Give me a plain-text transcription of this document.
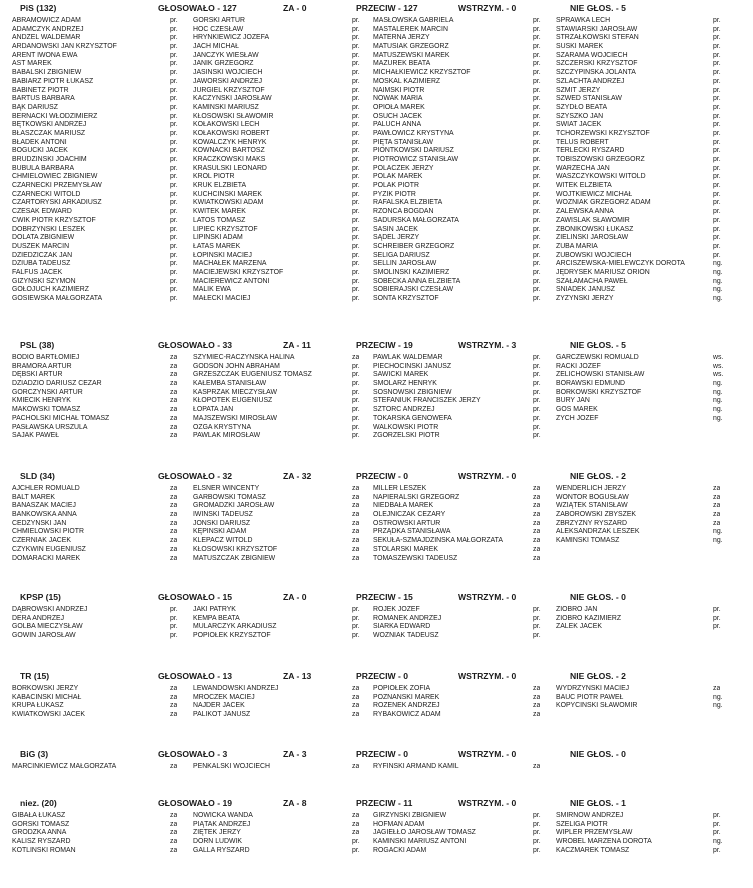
PiS (132)	GŁOSOWAŁO - 127	ZA - 0	PRZECIW - 127	WSTRZYM. - 0	NIE GŁOS. - 5
ABRAMOWICZ ADAM	pr. GÓRSKI ARTUR	pr. MASŁOWSKA GABRIELA	pr. SPRAWKA LECH	pr.
ADAMCZYK ANDRZEJ	pr. HOC CZESŁAW	pr. MASTALEREK MARCIN	pr. STAWIARSKI JAROSŁAW	pr.
ANDZEL WALDEMAR	pr. HRYNKIEWICZ JÓZEFA	pr. MATERNA JERZY	pr. STRZAŁKOWSKI STEFAN	pr.
ARDANOWSKI JAN KRZYSZTOF	pr. JACH MICHAŁ	pr. MATUSIAK GRZEGORZ	pr. SUSKI MAREK	pr.
ARENT IWONA EWA	pr. JANCZYK WIESŁAW	pr. MATUSZEWSKI MAREK	pr. SZARAMA WOJCIECH	pr.
AST MAREK	pr. JANIK GRZEGORZ	pr. MAZUREK BEATA	pr. SZCZERSKI KRZYSZTOF	pr.
BABALSKI ZBIGNIEW	pr. JASIŃSKI WOJCIECH	pr. MICHAŁKIEWICZ KRZYSZTOF	pr. SZCZYPIŃSKA JOLANTA	pr.
BABIARZ PIOTR ŁUKASZ	pr. JAWORSKI ANDRZEJ	pr. MOSKAL KAZIMIERZ	pr. SZLACHTA ANDRZEJ	pr.
BABINETZ PIOTR	pr. JURGIEL KRZYSZTOF	pr. NAIMSKI PIOTR	pr. SZMIT JERZY	pr.
BARTUŚ BARBARA	pr. KACZYŃSKI JAROSŁAW	pr. NOWAK MARIA	pr. SZWED STANISŁAW	pr.
BĄK DARIUSZ	pr. KAMIŃSKI MARIUSZ	pr. OPIOŁA MAREK	pr. SZYDŁO BEATA	pr.
BERNACKI WŁODZIMIERZ	pr. KŁOSOWSKI SŁAWOMIR	pr. OSUCH JACEK	pr. SZYSZKO JAN	pr.
BĘTKOWSKI ANDRZEJ	pr. KOŁAKOWSKI LECH	pr. PALUCH ANNA	pr. ŚWIAT JACEK	pr.
BŁASZCZAK MARIUSZ	pr. KOŁAKOWSKI ROBERT	pr. PAWŁOWICZ KRYSTYNA	pr. TCHÓRZEWSKI KRZYSZTOF	pr.
BŁADEK ANTONI	pr. KOWALCZYK HENRYK	pr. PIĘTA STANISŁAW	pr. TELUS ROBERT	pr.
BOGUCKI JACEK	pr. KOWNACKI BARTOSZ	pr. PIONTKOWSKI DARIUSZ	pr. TERLECKI RYSZARD	pr.
BRUDZIŃSKI JOACHIM	pr. KRACZKOWSKI MAKS	pr. PIOTROWICZ STANISŁAW	pr. TOBISZOWSKI GRZEGORZ	pr.
BUBULA BARBARA	pr. KRASULSKI LEONARD	pr. POLACZEK JERZY	pr. WARZECHA JAN	pr.
CHMIELOWIEC ZBIGNIEW	pr. KRÓL PIOTR	pr. POLAK MAREK	pr. WASZCZYKOWSKI WITOLD	pr.
CZARNECKI PRZEMYSŁAW	pr. KRUK ELŻBIETA	pr. POLAK PIOTR	pr. WITEK ELŻBIETA	pr.
CZARNECKI WITOLD	pr. KUCHCIŃSKI MAREK	pr. PYZIK PIOTR	pr. WOJTKIEWICZ MICHAŁ	pr.
CZARTORYSKI ARKADIUSZ	pr. KWIATKOWSKI ADAM	pr. RAFALSKA ELŻBIETA	pr. WOŹNIAK GRZEGORZ ADAM	pr.
CZESAK EDWARD	pr. KWITEK MAREK	pr. RZOŃCA BOGDAN	pr. ZALEWSKA ANNA	pr.
ĆWIK PIOTR KRZYSZTOF	pr. LATOS TOMASZ	pr. SADURSKA MAŁGORZATA	pr. ZAWIŚLAK SŁAWOMIR	pr.
DOBRZYŃSKI LESZEK	pr. LIPIEC KRZYSZTOF	pr. SASIN JACEK	pr. ZBONIKOWSKI ŁUKASZ	pr.
DOLATA ZBIGNIEW	pr. LIPIŃSKI ADAM	pr. SĄDEL JERZY	pr. ZIELIŃSKI JAROSŁAW	pr.
DUSZEK MARCIN	pr. ŁATAS MAREK	pr. SCHREIBER GRZEGORZ	pr. ZUBA MARIA	pr.
DZIEDZICZAK JAN	pr. ŁOPIŃSKI MACIEJ	pr. SELIGA DARIUSZ	pr. ZUBOWSKI WOJCIECH	pr.
DZIUBA TADEUSZ	pr. MACHAŁEK MARZENA	pr. SELLIN JAROSŁAW	pr. ARCISZEWSKA-MIELEWCZYK DOROTA	ng.
FALFUS JACEK	pr. MACIEJEWSKI KRZYSZTOF	pr. SMOLIŃSKI KAZIMIERZ	pr. JĘDRYSEK MARIUSZ ORION	ng.
GIŻYŃSKI SZYMON	pr. MACIEREWICZ ANTONI	pr. SOBECKA ANNA ELŻBIETA	pr. SZAŁAMACHA PAWEŁ	ng.
GOŁOJUCH KAZIMIERZ	pr. MALIK EWA	pr. SOBIERAJSKI CZESŁAW	pr. ŚNIADEK JANUSZ	ng.
GOSIEWSKA MAŁGORZATA	pr. MAŁECKI MACIEJ	pr. SOŃTA KRZYSZTOF	pr. ŻYŻYŃSKI JERZY	ng.
PSL (38)	GŁOSOWAŁO - 33	ZA - 11	PRZECIW - 19	WSTRZYM. - 3	NIE GŁOS. - 5
BODIO BARTŁOMIEJ	za SZYMIEC-RACZYŃSKA HALINA	za PAWLAK WALDEMAR	pr. GARCZEWSKI ROMUALD	ws.
BRAMORA ARTUR	za GODSON JOHN ABRAHAM	pr. PIECHOCIŃSKI JANUSZ	pr. RACKI JÓZEF	ws.
DĘBSKI ARTUR	za GRZESZCZAK EUGENIUSZ TOMASZ	pr. SAWICKI MAREK	pr. ZELICHOWSKI STANISŁAW	ws.
DZIADZIO DARIUSZ CEZAR	za KAŁEMBA STANISŁAW	pr. SMOLARZ HENRYK	pr. BORAWSKI EDMUND	ng.
GÓRCZYŃSKI ARTUR	za KASPRZAK MIECZYSŁAW	pr. SOSNOWSKI ZBIGNIEW	pr. BORKOWSKI KRZYSZTOF	ng.
KMIECIK HENRYK	za KŁOPOTEK EUGENIUSZ	pr. STEFANIUK FRANCISZEK JERZY	pr. BURY JAN	ng.
MAKOWSKI TOMASZ	za ŁOPATA JAN	pr. SZTORC ANDRZEJ	pr. GOS MAREK	ng.
PACHOLSKI MICHAŁ TOMASZ	za MAJSZEWSKI MIROSŁAW	pr. TOKARSKA GENOWEFA	pr. ZYCH JÓZEF	ng.
PASŁAWSKA URSZULA	za OŻGA KRYSTYNA	pr. WALKOWSKI PIOTR	pr.
SAJAK PAWEŁ	za PAWLAK MIROSŁAW	pr. ZGORZELSKI PIOTR	pr.
SLD (34)	GŁOSOWAŁO - 32	ZA - 32	PRZECIW - 0	WSTRZYM. - 0	NIE GŁOS. - 2
AJCHLER ROMUALD	za ELSNER WINCENTY	za MILLER LESZEK	za WENDERLICH JERZY	za
BALT MAREK	za GARBOWSKI TOMASZ	za NAPIERALSKI GRZEGORZ	za WONTOR BOGUSŁAW	za
BANASZAK MACIEJ	za GROMADZKI JAROSŁAW	za NIEDBAŁA MAREK	za WZIĄTEK STANISŁAW	za
BAŃKOWSKA ANNA	za IWIŃSKI TADEUSZ	za OLEJNICZAK CEZARY	za ZABOROWSKI ZBYSZEK	za
CEDZYŃSKI JAN	za JOŃSKI DARIUSZ	za OSTROWSKI ARTUR	za ZBRZYZNY RYSZARD	za
CHMIELOWSKI PIOTR	za KĘPIŃSKI ADAM	za PRZĄDKA STANISŁAWA	za ALEKSANDRZAK LESZEK	ng.
CZERNIAK JACEK	za KLEPACZ WITOLD	za SEKUŁA-SZMAJDZIŃSKA MAŁGORZATA	za KAMIŃSKI TOMASZ	ng.
CZYKWIN EUGENIUSZ	za KŁOSOWSKI KRZYSZTOF	za STOLARSKI MAREK	za
DOMARACKI MAREK	za MATUSZCZAK ZBIGNIEW	za TOMASZEWSKI TADEUSZ	za
KPSP (15)	GŁOSOWAŁO - 15	ZA - 0	PRZECIW - 15	WSTRZYM. - 0	NIE GŁOS. - 0
DĄBROWSKI ANDRZEJ	pr. JAKI PATRYK	pr. ROJEK JÓZEF	pr. ZIOBRO JAN	pr.
DERA ANDRZEJ	pr. KEMPA BEATA	pr. ROMANEK ANDRZEJ	pr. ZIOBRO KAZIMIERZ	pr.
GOLBA MIECZYSŁAW	pr. MULARCZYK ARKADIUSZ	pr. SIARKA EDWARD	pr. ŻALEK JACEK	pr.
GOWIN JAROSŁAW	pr. POPIOŁEK KRZYSZTOF	pr. WOŹNIAK TADEUSZ	pr.
TR (15)	GŁOSOWAŁO - 13	ZA - 13	PRZECIW - 0	WSTRZYM. - 0	NIE GŁOS. - 2
BORKOWSKI JERZY	za LEWANDOWSKI ANDRZEJ	za POPIOŁEK ZOFIA	za WYDRZYŃSKI MACIEJ	za
KABACIŃSKI MICHAŁ	za MROCZEK MACIEJ	za POZNAŃSKI MAREK	za BAUĆ PIOTR PAWEŁ	ng.
KRUPA ŁUKASZ	za NAJDER JACEK	za ROZENEK ANDRZEJ	za KOPYCIŃSKI SŁAWOMIR	ng.
KWIATKOWSKI JACEK	za PALIKOT JANUSZ	za RYBAKOWICZ ADAM	za
BiG (3)	GŁOSOWAŁO - 3	ZA - 3	PRZECIW - 0	WSTRZYM. - 0	NIE GŁOS. - 0
MARCINKIEWICZ MAŁGORZATA	za PENKALSKI WOJCIECH	za RYFIŃSKI ARMAND KAMIL	za
niez. (20)	GŁOSOWAŁO - 19	ZA - 8	PRZECIW - 11	WSTRZYM. - 0	NIE GŁOS. - 1
GIBAŁA ŁUKASZ	za NOWICKA WANDA	za GIRZYŃSKI ZBIGNIEW	pr. SMIRNOW ANDRZEJ	pr.
GÓRSKI TOMASZ	za PIĄTAK ANDRZEJ	za HOFMAN ADAM	pr. SZELIGA PIOTR	pr.
GRODZKA ANNA	za ZIĘTEK JERZY	za JAGIEŁŁO JAROSŁAW TOMASZ	pr. WIPLER PRZEMYSŁAW	pr.
KALISZ RYSZARD	za DORN LUDWIK	pr. KAMIŃSKI MARIUSZ ANTONI	pr. WRÓBEL MARZENA DOROTA	ng.
KOTLIŃSKI ROMAN	za GALLA RYSZARD	pr. ROGACKI ADAM	pr. KACZMAREK TOMASZ	pr.
